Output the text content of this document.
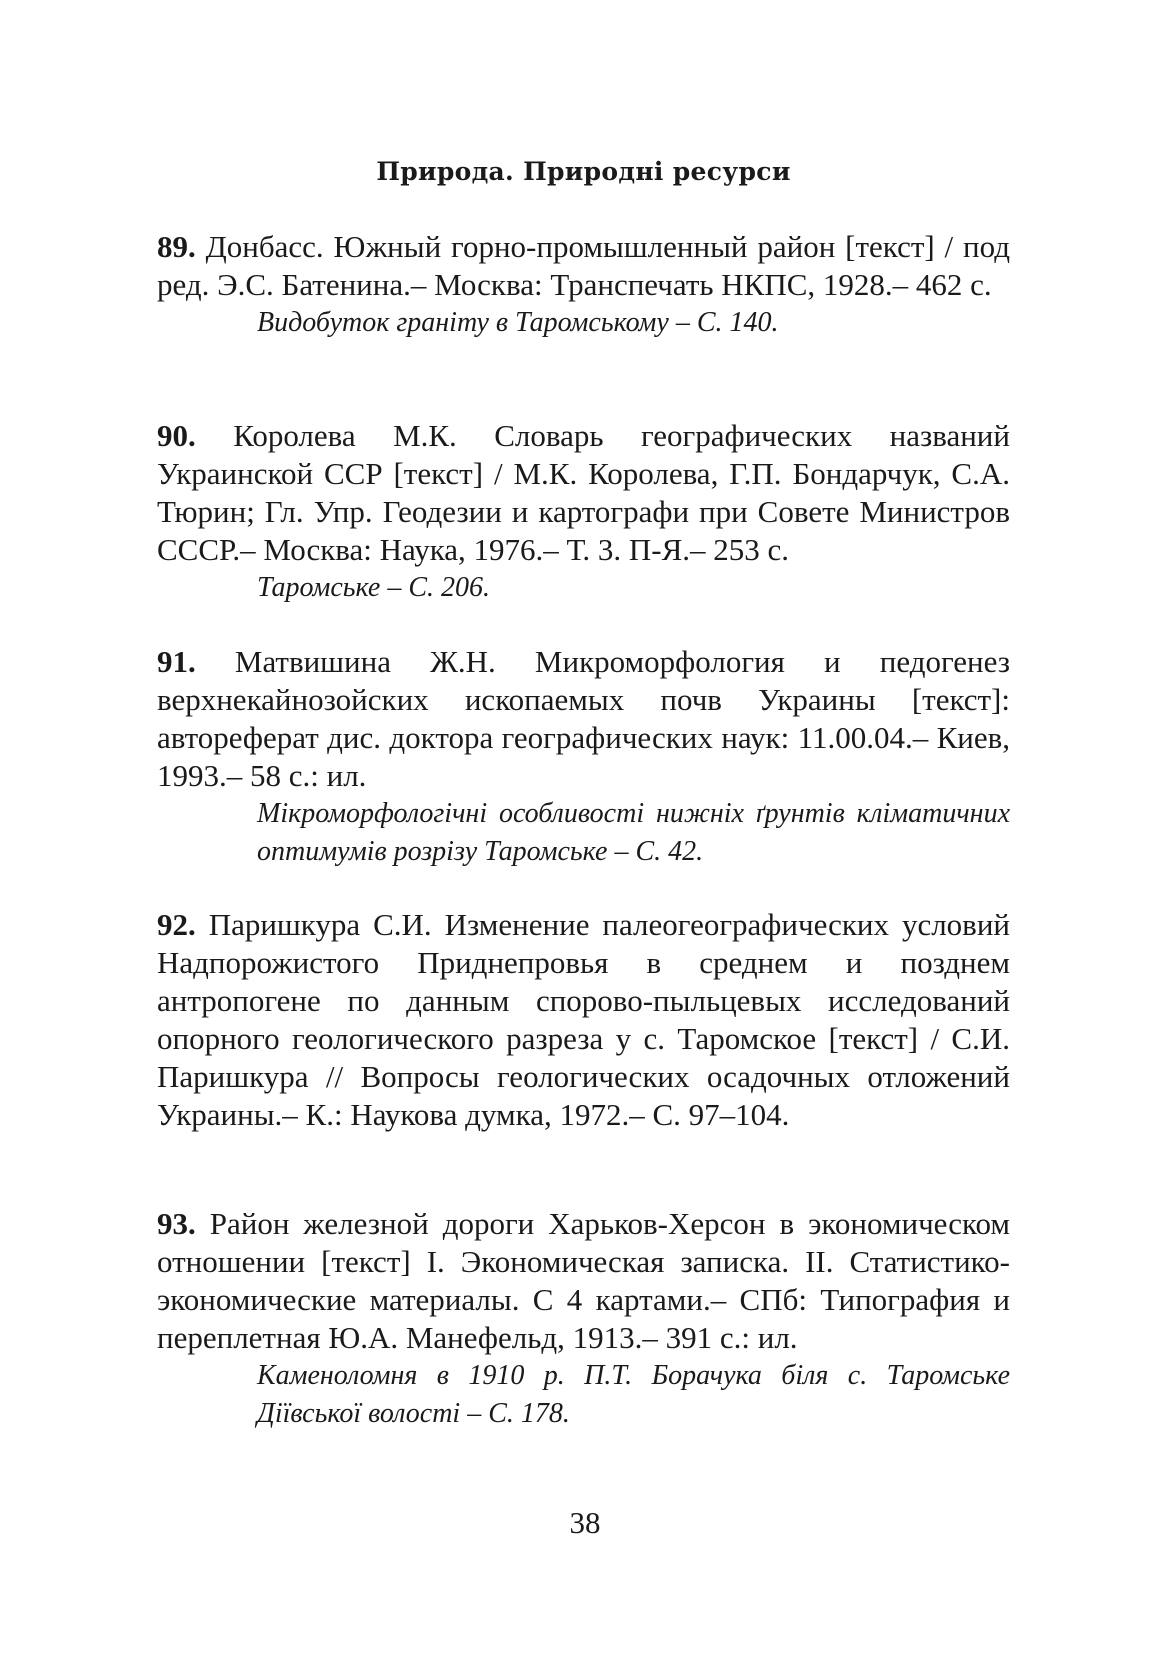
Природа. Природні ресурси

89. Донбасс. Южный горно-промышленный район [текст] / под ред. Э.С. Батенина.– Москва: Транспечать НКПС, 1928.– 462 с.

Видобуток граніту в Таромському – С. 140.

90. Королева М.К. Словарь географических названий Украинской ССР [текст] / М.К. Королева, Г.П. Бондарчук, С.А. Тюрин; Гл. Упр. Геодезии и картографи при Совете Министров СССР.– Москва: Наука, 1976.– Т. 3. П-Я.– 253 с.

Таромське – С. 206.

91. Матвишина Ж.Н. Микроморфология и педогенез верхнекайнозойских ископаемых почв Украины [текст]: автореферат дис. доктора географических наук: 11.00.04.– Киев, 1993.– 58 с.: ил.

Мікроморфологічні особливості нижніх ґрунтів кліматичних оптимумів розрізу Таромське – С. 42.

92. Паришкура С.И. Изменение палеогеографических условий Надпорожистого Приднепровья в среднем и позднем антропогене по данным спорово-пыльцевых исследований опорного геологического разреза у с. Таромское [текст] / С.И. Паришкура // Вопросы геологических осадочных отложений Украины.– К.: Наукова думка, 1972.– С. 97–104.

93. Район железной дороги Харьков-Херсон в экономическом отношении [текст] I. Экономическая записка. II. Статистико-экономические материалы. С 4 картами.– СПб: Типография и переплетная Ю.А. Манефельд, 1913.– 391 с.: ил.

Каменоломня в 1910 р. П.Т. Борачука біля с. Таромське Діївської волості – С. 178.

38
